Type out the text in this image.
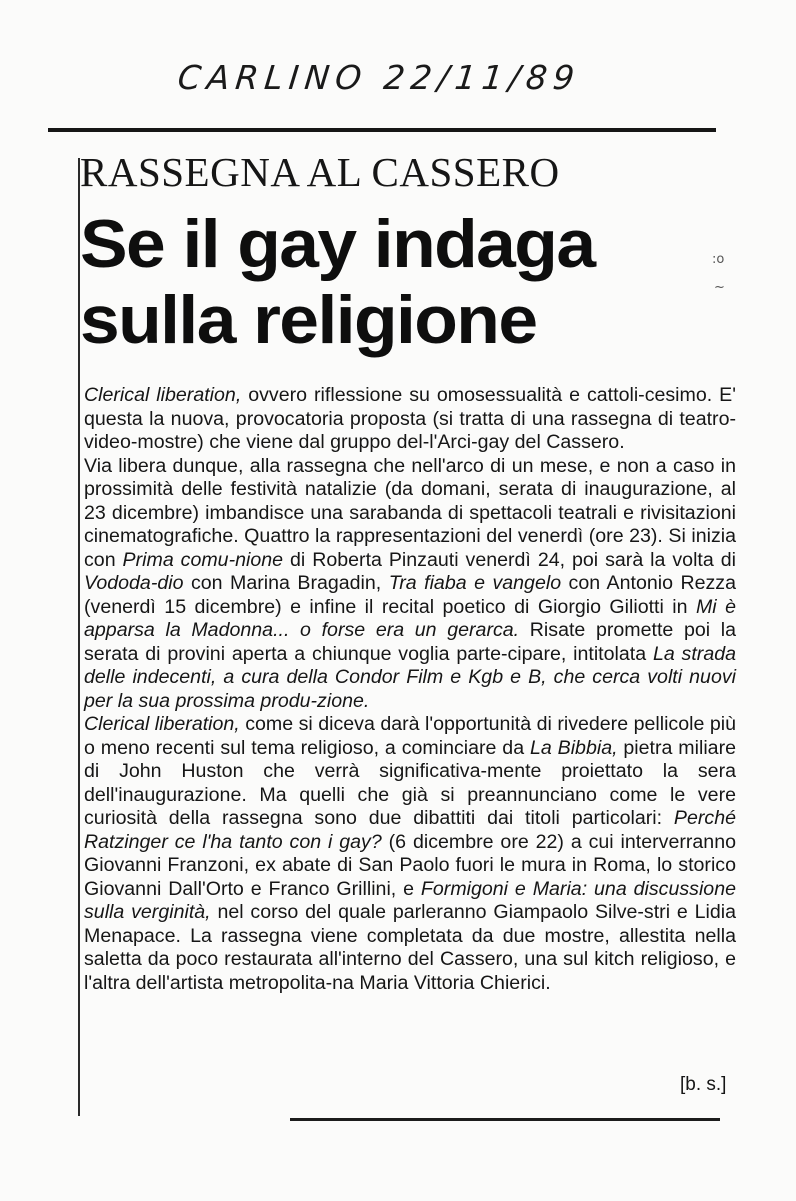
CARLINO 22/11/89
RASSEGNA AL CASSERO
Se il gay indaga
sulla religione

Clerical liberation, ovvero riflessione su omosessualità e cattoli-cesimo. E' questa la nuova, provocatoria proposta (si tratta di una rassegna di teatro-video-mostre) che viene dal gruppo del-l'Arci-gay del Cassero.

Via libera dunque, alla rassegna che nell'arco di un mese, e non a caso in prossimità delle festività natalizie (da domani, serata di inaugurazione, al 23 dicembre) imbandisce una sarabanda di spettacoli teatrali e rivisitazioni cinematografiche. Quattro la rappresentazioni del venerdì (ore 23). Si inizia con Prima comu-nione di Roberta Pinzauti venerdì 24, poi sarà la volta di Vododa-dio con Marina Bragadin, Tra fiaba e vangelo con Antonio Rezza (venerdì 15 dicembre) e infine il recital poetico di Giorgio Giliotti in Mi è apparsa la Madonna... o forse era un gerarca. Risate promette poi la serata di provini aperta a chiunque voglia parte-cipare, intitolata La strada delle indecenti, a cura della Condor Film e Kgb e B, che cerca volti nuovi per la sua prossima produ-zione.

Clerical liberation, come si diceva darà l'opportunità di rivedere pellicole più o meno recenti sul tema religioso, a cominciare da La Bibbia, pietra miliare di John Huston che verrà significativa-mente proiettato la sera dell'inaugurazione. Ma quelli che già si preannunciano come le vere curiosità della rassegna sono due dibattiti dai titoli particolari: Perché Ratzinger ce l'ha tanto con i gay? (6 dicembre ore 22) a cui interverranno Giovanni Franzoni, ex abate di San Paolo fuori le mura in Roma, lo storico Giovanni Dall'Orto e Franco Grillini, e Formigoni e Maria: una discussione sulla verginità, nel corso del quale parleranno Giampaolo Silve-stri e Lidia Menapace. La rassegna viene completata da due mostre, allestita nella saletta da poco restaurata all'interno del Cassero, una sul kitch religioso, e l'altra dell'artista metropolita-na Maria Vittoria Chierici.

[b. s.]
:o
~
